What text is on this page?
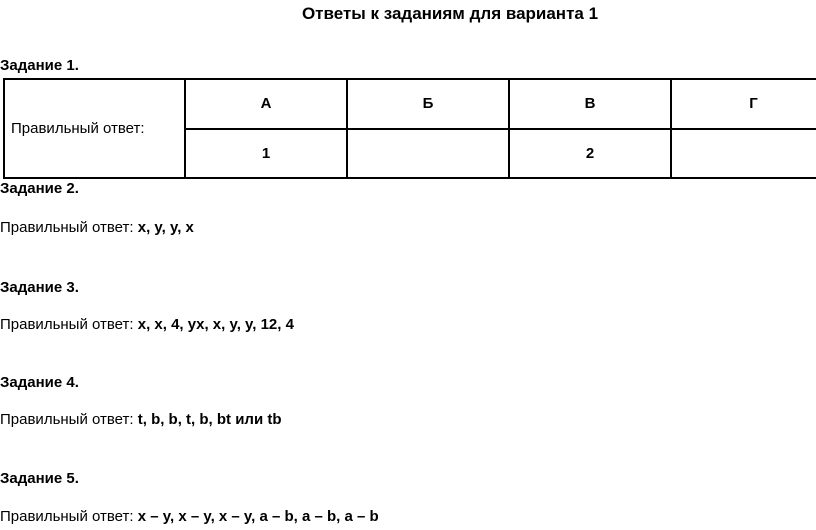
Ответы к заданиям для варианта 1
Задание 1.
Правильный ответ:	А	Б	В	Г
	1		2	
Задание 2.
Правильный ответ: x, y, y, x
Задание 3.
Правильный ответ: x, x, 4, yx, x, y, y, 12, 4
Задание 4.
Правильный ответ: t, b, b, t, b, bt или tb
Задание 5.
Правильный ответ: x – y, x – y, x – y, a – b, a – b, a – b
